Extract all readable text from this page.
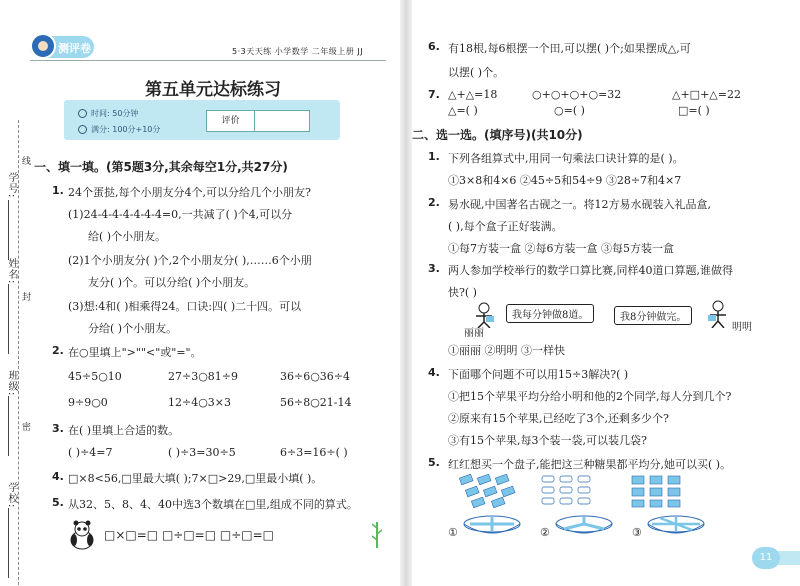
学号:
姓名:
班级:
学校:
线
封
密
测评卷	5·3天天练 小学数学 二年级上册 JJ
第五单元达标练习
时间: 50分钟
满分: 100分+10分
评价
一、填一填。(第5题3分,其余每空1分,共27分)
1. 24个蛋挞,每个小朋友分4个,可以分给几个小朋友?
(1)24-4-4-4-4-4-4=0,一共减了( )个4,可以分
给( )个小朋友。
(2)1个小朋友分( )个,2个小朋友分( ),……6个小朋
友分( )个。可以分给( )个小朋友。
(3)想:4和( )相乘得24。口诀:四( )二十四。可以
分给( )个小朋友。
2. 在○里填上">""<"或"="。
45÷5○10	27÷3○81÷9	36÷6○36÷4
9÷9○0	12÷4○3×3	56÷8○21-14
3. 在( )里填上合适的数。
( )÷4=7	( )÷3=30÷5	6÷3=16÷( )
4. □×8<56,□里最大填( );7×□>29,□里最小填( )。
5. 从32、5、8、4、40中选3个数填在□里,组成不同的算式。
□×□=□ □÷□=□ □÷□=□
6. 有18根,每6根摆一个田,可以摆( )个;如果摆成△,可
以摆( )个。
7. △+△=18	○+○+○+○=32	△+□+△=22
△=( )	○=( )	□=( )
二、选一选。(填序号)(共10分)
1. 下列各组算式中,用同一句乘法口诀计算的是( )。
①3×8和4×6 ②45÷5和54÷9 ③28÷7和4×7
2. 易水砚,中国著名古砚之一。将12方易水砚装入礼品盒,
( ),每个盒子正好装满。
①每7方装一盒 ②每6方装一盒 ③每5方装一盒
3. 两人参加学校举行的数学口算比赛,同样40道口算题,谁做得
快?( )
我每分钟做8道。
丽丽
我8分钟做完。
明明
①丽丽 ②明明 ③一样快
4. 下面哪个问题不可以用15÷3解决?( )
①把15个苹果平均分给小明和他的2个同学,每人分到几个?
②原来有15个苹果,已经吃了3个,还剩多少个?
③有15个苹果,每3个装一袋,可以装几袋?
5. 红红想买一个盘子,能把这三种糖果都平均分,她可以买( )。
①	②	③
11
